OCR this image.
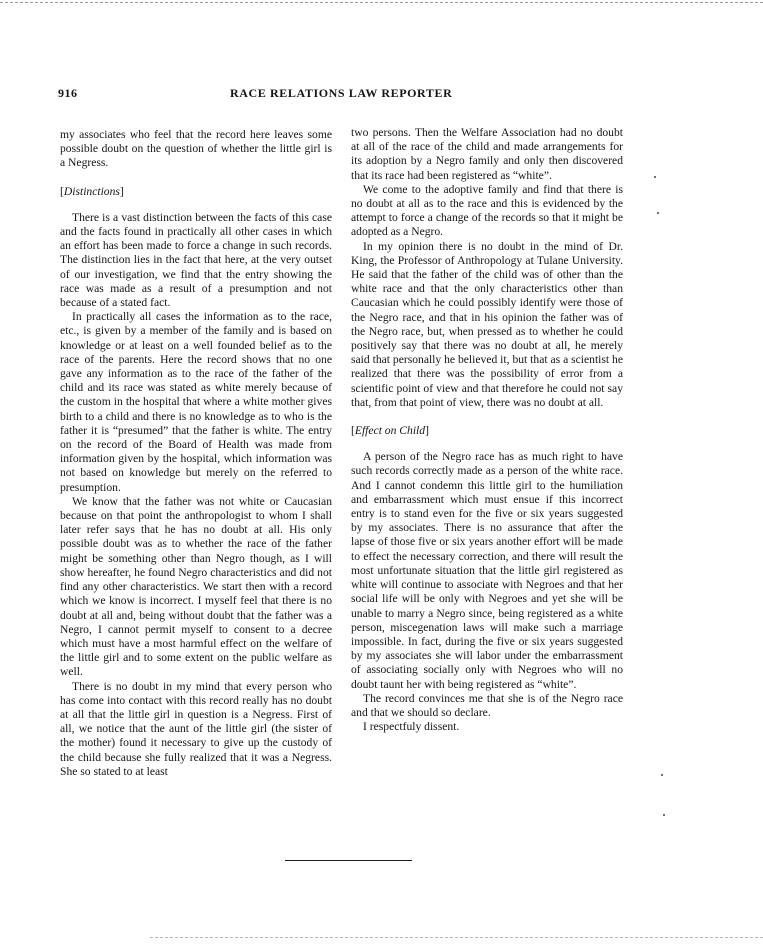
916	RACE RELATIONS LAW REPORTER

my associates who feel that the record here leaves some possible doubt on the question of whether the little girl is a Negress.

[Distinctions]

There is a vast distinction between the facts of this case and the facts found in practically all other cases in which an effort has been made to force a change in such records. The distinction lies in the fact that here, at the very outset of our investigation, we find that the entry showing the race was made as a result of a presumption and not because of a stated fact.

In practically all cases the information as to the race, etc., is given by a member of the family and is based on knowledge or at least on a well founded belief as to the race of the parents. Here the record shows that no one gave any information as to the race of the father of the child and its race was stated as white merely because of the custom in the hospital that where a white mother gives birth to a child and there is no knowledge as to who is the father it is “presumed” that the father is white. The entry on the record of the Board of Health was made from information given by the hospital, which information was not based on knowledge but merely on the referred to presumption.

We know that the father was not white or Caucasian because on that point the anthropologist to whom I shall later refer says that he has no doubt at all. His only possible doubt was as to whether the race of the father might be something other than Negro though, as I will show hereafter, he found Negro characteristics and did not find any other characteristics. We start then with a record which we know is incorrect. I myself feel that there is no doubt at all and, being without doubt that the father was a Negro, I cannot permit myself to consent to a decree which must have a most harmful effect on the welfare of the little girl and to some extent on the public welfare as well.

There is no doubt in my mind that every person who has come into contact with this record really has no doubt at all that the little girl in question is a Negress. First of all, we notice that the aunt of the little girl (the sister of the mother) found it necessary to give up the custody of the child because she fully realized that it was a Negress. She so stated to at least

two persons. Then the Welfare Association had no doubt at all of the race of the child and made arrangements for its adoption by a Negro family and only then discovered that its race had been registered as “white”.

We come to the adoptive family and find that there is no doubt at all as to the race and this is evidenced by the attempt to force a change of the records so that it might be adopted as a Negro.

In my opinion there is no doubt in the mind of Dr. King, the Professor of Anthropology at Tulane University. He said that the father of the child was of other than the white race and that the only characteristics other than Caucasian which he could possibly identify were those of the Negro race, and that in his opinion the father was of the Negro race, but, when pressed as to whether he could positively say that there was no doubt at all, he merely said that personally he believed it, but that as a scientist he realized that there was the possibility of error from a scientific point of view and that therefore he could not say that, from that point of view, there was no doubt at all.

[Effect on Child]

A person of the Negro race has as much right to have such records correctly made as a person of the white race. And I cannot condemn this little girl to the humiliation and embarrassment which must ensue if this incorrect entry is to stand even for the five or six years suggested by my associates. There is no assurance that after the lapse of those five or six years another effort will be made to effect the necessary correction, and there will result the most unfortunate situation that the little girl registered as white will continue to associate with Negroes and that her social life will be only with Negroes and yet she will be unable to marry a Negro since, being registered as a white person, miscegenation laws will make such a marriage impossible. In fact, during the five or six years suggested by my associates she will labor under the embarrassment of associating socially only with Negroes who will no doubt taunt her with being registered as “white”.

The record convinces me that she is of the Negro race and that we should so declare.

I respectfuly dissent.
